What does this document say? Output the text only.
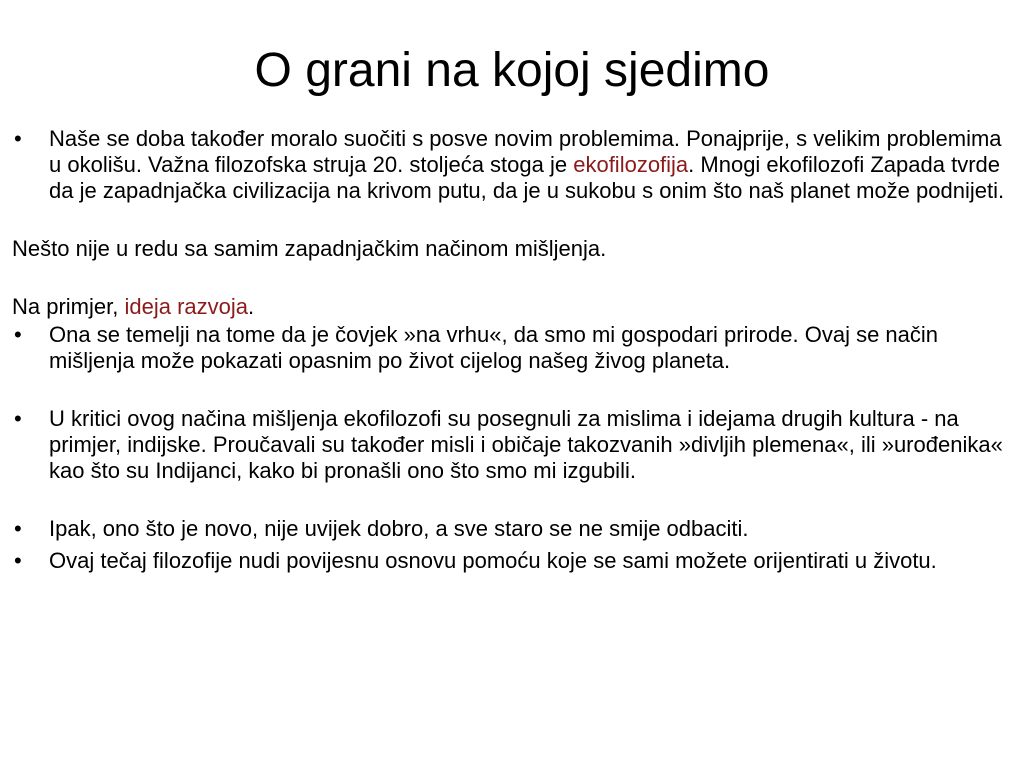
O grani na kojoj sjedimo

• Naše se doba također moralo suočiti s posve novim problemima. Ponajprije, s velikim problemima u okolišu. Važna filozofska struja 20. stoljeća stoga je ekofilozofija. Mnogi ekofilozofi Zapada tvrde da je zapadnjačka civilizacija na krivom putu, da je u sukobu s onim što naš planet može podnijeti.

Nešto nije u redu sa samim zapadnjačkim načinom mišljenja.

Na primjer, ideja razvoja.

• Ona se temelji na tome da je čovjek »na vrhu«, da smo mi gospodari prirode. Ovaj se način mišljenja može pokazati opasnim po život cijelog našeg živog planeta.

• U kritici ovog načina mišljenja ekofilozofi su posegnuli za mislima i idejama drugih kultura - na primjer, indijske. Proučavali su također misli i običaje takozvanih »divljih plemena«, ili »urođenika« kao što su Indijanci, kako bi pronašli ono što smo mi izgubili.

• Ipak, ono što je novo, nije uvijek dobro, a sve staro se ne smije odbaciti.

• Ovaj tečaj filozofije nudi povijesnu osnovu pomoću koje se sami možete orijentirati u životu.
